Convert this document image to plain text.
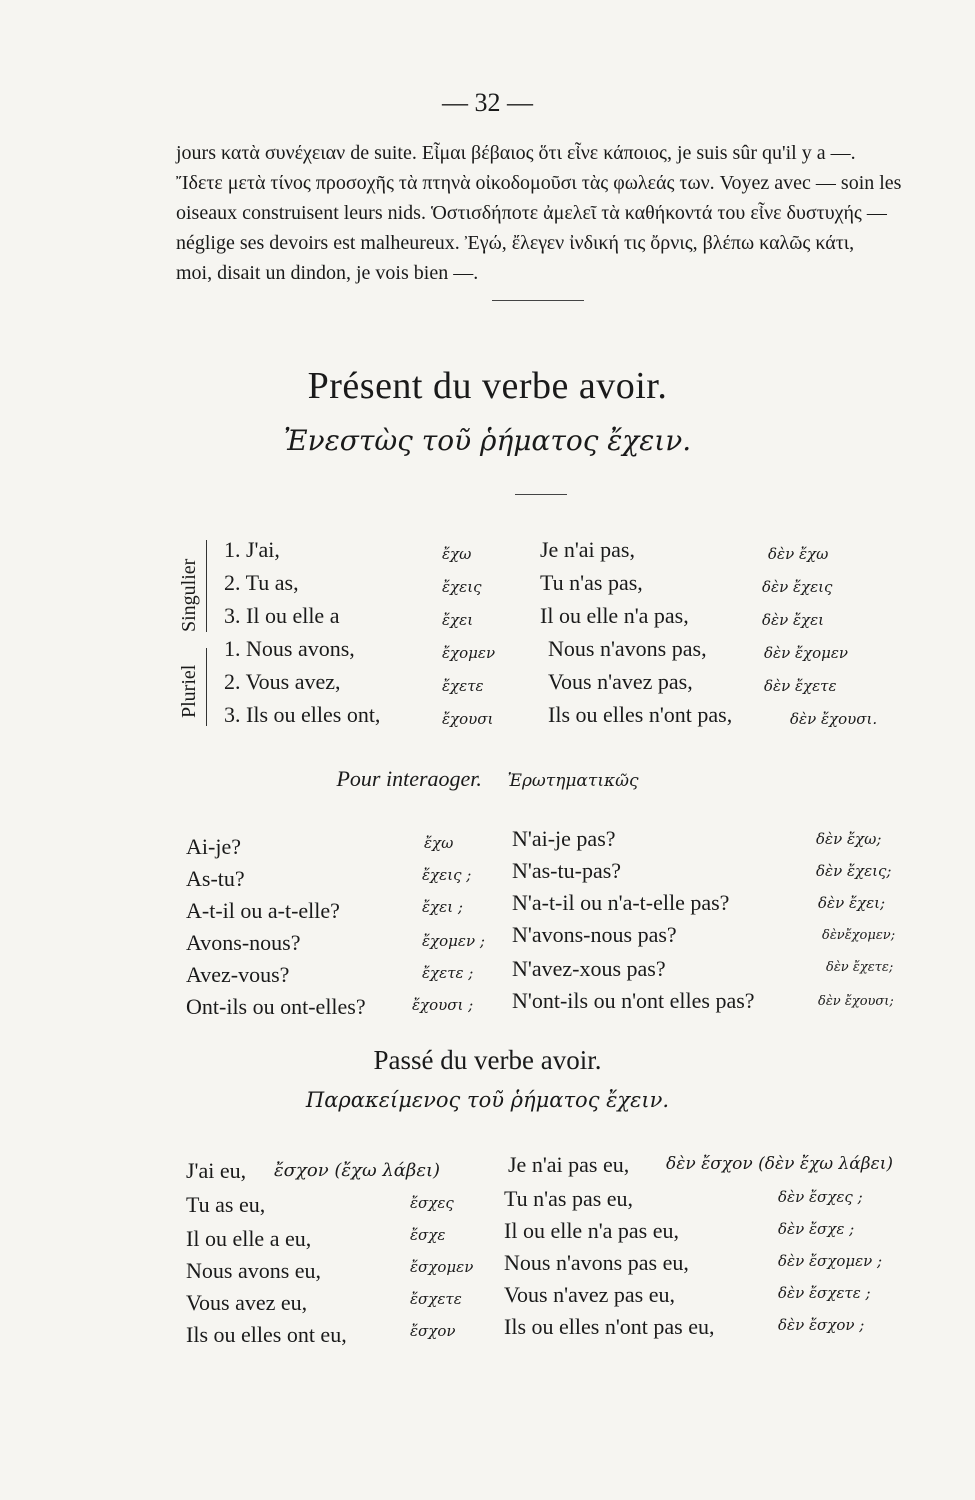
— 32 —
jours κατὰ συνέχειαν de suite. Εἶμαι βέβαιος ὅτι εἶνε κάποιος, je suis sûr qu'il y a —.
Ἴδετε μετὰ τίνος προσοχῆς τὰ πτηνὰ οἰκοδομοῦσι τὰς φωλεάς των. Voyez avec — soin les
oiseaux construisent leurs nids. Ὁστισδήποτε ἀμελεῖ τὰ καθήκοντά του εἶνε δυστυχής —
néglige ses devoirs est malheureux. Ἐγώ, ἔλεγεν ἰνδική τις ὄρνις, βλέπω καλῶς κάτι,
moi, disait un dindon, je vois bien —.
Présent du verbe avoir.
Ἐνεστὼς τοῦ ῥήματος ἔχειν.
Singulier
Pluriel
1. J'ai,	ἔχω	Je n'ai pas,	δὲν ἔχω
2. Tu as,	ἔχεις	Tu n'as pas,	δὲν ἔχεις
3. Il ou elle a	ἔχει	Il ou elle n'a pas,	δὲν ἔχει
1. Nous avons,	ἔχομεν Nous n'avons pas,	δὲν ἔχομεν
2. Vous avez,	ἔχετε	Vous n'avez pas,	δὲν ἔχετε
3. Ils ou elles ont,	ἔχουσι Ils ou elles n'ont pas,	δὲν ἔχουσι.
Pour interaoger. Ἐρωτηματικῶς
Ai-je?	ἔχω	N'ai-je pas?	δὲν ἔχω;
As-tu?	ἔχεις ; N'as-tu-pas?	δὲν ἔχεις;
A-t-il ou a-t-elle?	ἔχει ; N'a-t-il ou n'a-t-elle pas?	δὲν ἔχει;
Avons-nous?	ἔχομεν ; N'avons-nous pas?	δὲνἔχομεν;
Avez-vous?	ἔχετε ; N'avez-xous pas?	δὲν ἔχετε;
Ont-ils ou ont-elles?	ἔχουσι ; N'ont-ils ou n'ont elles pas?	δὲν ἔχουσι;
Passé du verbe avoir.
Παρακείμενος τοῦ ῥήματος ἔχειν.
J'ai eu, ἔσχον (ἔχω λάβει)	Je n'ai pas eu, δὲν ἔσχον (δὲν ἔχω λάβει)
Tu as eu,	ἔσχες Tu n'as pas eu,	δὲν ἔσχες ;
Il ou elle a eu,	ἔσχε	Il ou elle n'a pas eu,	δὲν ἔσχε ;
Nous avons eu,	ἔσχομεν Nous n'avons pas eu,	δὲν ἔσχομεν ;
Vous avez eu,	ἔσχετε Vous n'avez pas eu,	δὲν ἔσχετε ;
Ils ou elles ont eu,	ἔσχον Ils ou elles n'ont pas eu,	δὲν ἔσχον ;
